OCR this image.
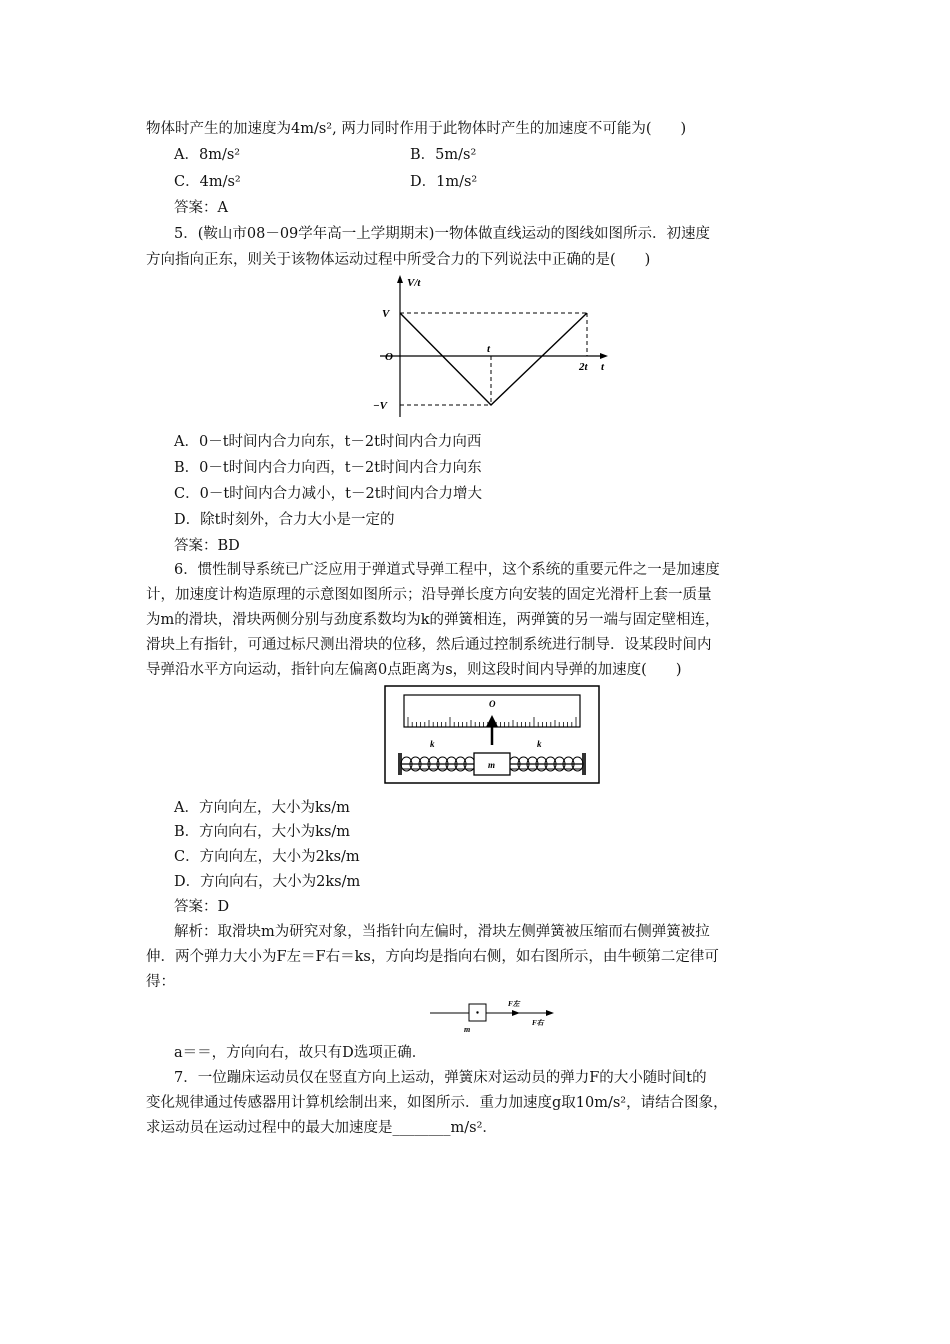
物体时产生的加速度为4m/s², 两力同时作用于此物体时产生的加速度不可能为(　　)
A．8m/s²	B．5m/s²
C．4m/s²	D．1m/s²
答案：A
5．(鞍山市08－09学年高一上学期期末)一物体做直线运动的图线如图所示．初速度
方向指向正东，则关于该物体运动过程中所受合力的下列说法中正确的是(　　)
V/t
V
O
−V
t
2t t
A．0－t时间内合力向东，t－2t时间内合力向西
B．0－t时间内合力向西，t－2t时间内合力向东
C．0－t时间内合力减小，t－2t时间内合力增大
D．除t时刻外，合力大小是一定的
答案：BD
6．惯性制导系统已广泛应用于弹道式导弹工程中，这个系统的重要元件之一是加速度
计，加速度计构造原理的示意图如图所示；沿导弹长度方向安装的固定光滑杆上套一质量
为m的滑块，滑块两侧分别与劲度系数均为k的弹簧相连，两弹簧的另一端与固定壁相连，
滑块上有指针，可通过标尺测出滑块的位移，然后通过控制系统进行制导．设某段时间内
导弹沿水平方向运动，指针向左偏离0点距离为s，则这段时间内导弹的加速度(　　)
O
m
k	k
A．方向向左，大小为ks/m
B．方向向右，大小为ks/m
C．方向向左，大小为2ks/m
D．方向向右，大小为2ks/m
答案：D
解析：取滑块m为研究对象，当指针向左偏时，滑块左侧弹簧被压缩而右侧弹簧被拉
伸．两个弹力大小为F左＝F右＝ks，方向均是指向右侧，如右图所示，由牛顿第二定律可
得：
F左
F右
m
a＝＝，方向向右，故只有D选项正确．
7．一位蹦床运动员仅在竖直方向上运动，弹簧床对运动员的弹力F的大小随时间t的
变化规律通过传感器用计算机绘制出来，如图所示．重力加速度g取10m/s²，请结合图象，
求运动员在运动过程中的最大加速度是________m/s²．
